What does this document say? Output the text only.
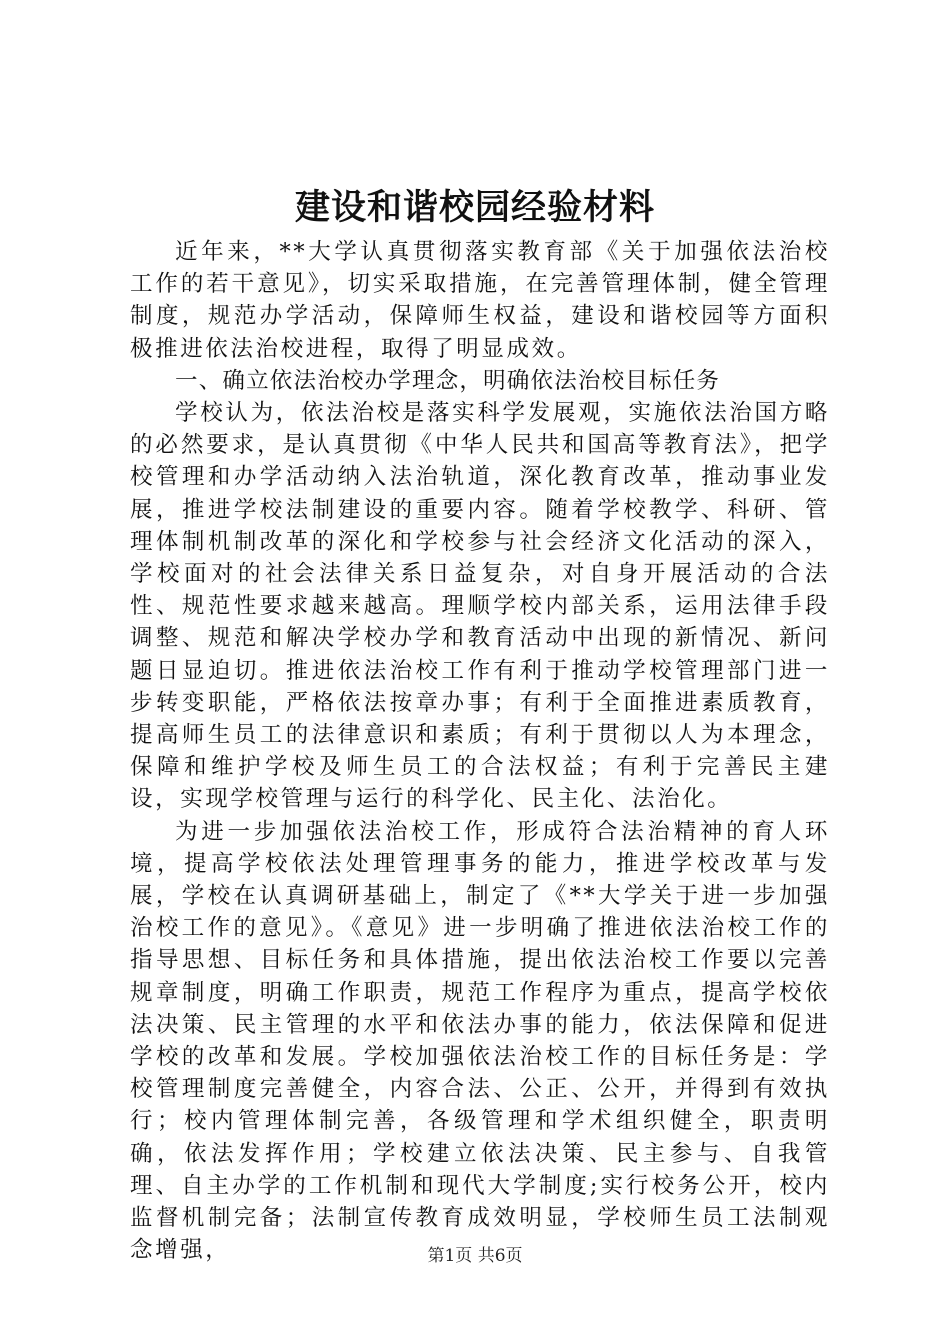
建设和谐校园经验材料

近年来，**大学认真贯彻落实教育部《关于加强依法治校工作的若干意见》，切实采取措施，在完善管理体制，健全管理制度，规范办学活动，保障师生权益，建设和谐校园等方面积极推进依法治校进程，取得了明显成效。

一、确立依法治校办学理念，明确依法治校目标任务

学校认为，依法治校是落实科学发展观，实施依法治国方略的必然要求，是认真贯彻《中华人民共和国高等教育法》，把学校管理和办学活动纳入法治轨道，深化教育改革，推动事业发展，推进学校法制建设的重要内容。随着学校教学、科研、管理体制机制改革的深化和学校参与社会经济文化活动的深入，学校面对的社会法律关系日益复杂，对自身开展活动的合法性、规范性要求越来越高。理顺学校内部关系，运用法律手段调整、规范和解决学校办学和教育活动中出现的新情况、新问题日显迫切。推进依法治校工作有利于推动学校管理部门进一步转变职能，严格依法按章办事；有利于全面推进素质教育，提高师生员工的法律意识和素质；有利于贯彻以人为本理念，保障和维护学校及师生员工的合法权益；有利于完善民主建设，实现学校管理与运行的科学化、民主化、法治化。

为进一步加强依法治校工作，形成符合法治精神的育人环境，提高学校依法处理管理事务的能力，推进学校改革与发展，学校在认真调研基础上，制定了《**大学关于进一步加强治校工作的意见》。《意见》进一步明确了推进依法治校工作的指导思想、目标任务和具体措施，提出依法治校工作要以完善规章制度，明确工作职责，规范工作程序为重点，提高学校依法决策、民主管理的水平和依法办事的能力，依法保障和促进学校的改革和发展。学校加强依法治校工作的目标任务是：学校管理制度完善健全，内容合法、公正、公开，并得到有效执行；校内管理体制完善，各级管理和学术组织健全，职责明确，依法发挥作用；学校建立依法决策、民主参与、自我管理、自主办学的工作机制和现代大学制度;实行校务公开，校内监督机制完备；法制宣传教育成效明显，学校师生员工法制观念增强，	第1页 共6页
